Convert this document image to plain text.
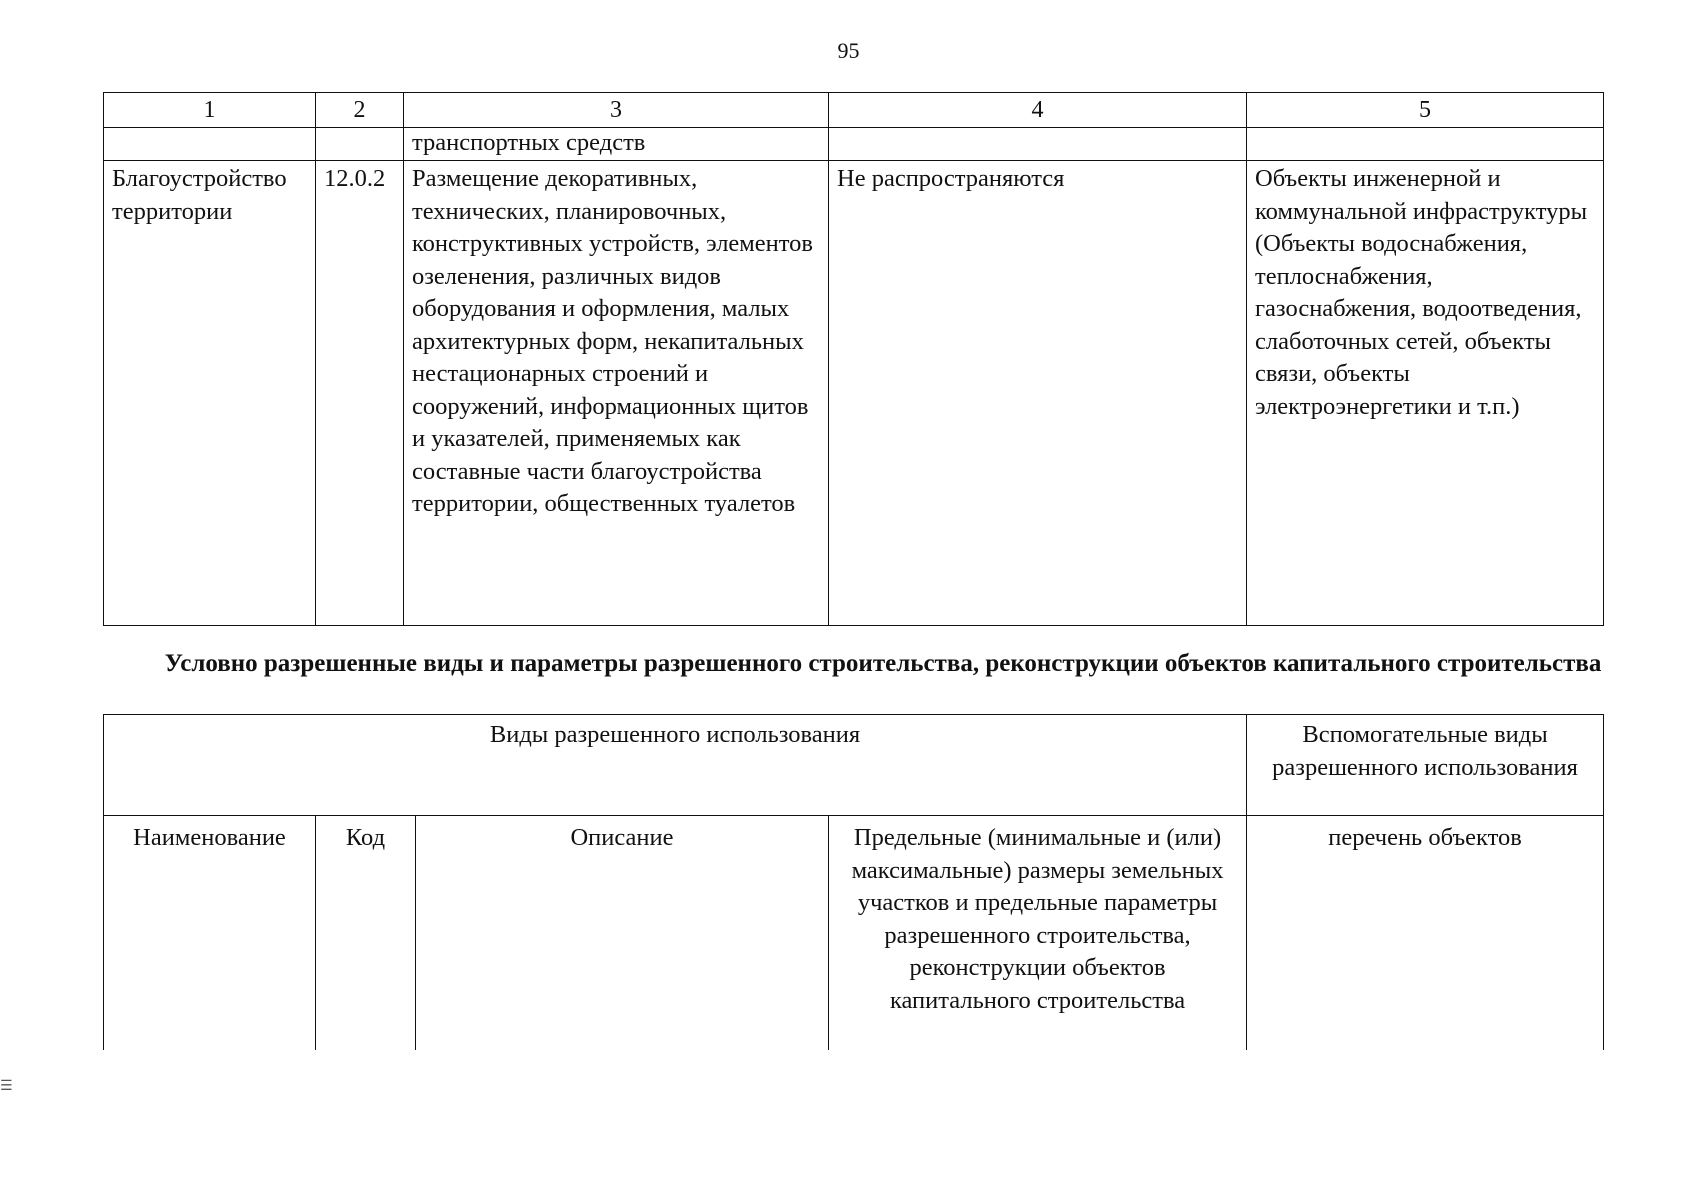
95
1	2	3	4	5
		транспортных средств		
Благоустройство территории	12.0.2	Размещение декоративных, технических, планировочных, конструктивных устройств, элементов озеленения, различных видов оборудования и оформления, малых архитектурных форм, некапитальных нестационарных строений и сооружений, информационных щитов и указателей, применяемых как составные части благоустройства территории, общественных туалетов	Не распространяются	Объекты инженерной и коммунальной инфраструктуры (Объекты водоснабжения, теплоснабжения, газоснабжения, водоотведения, слаботочных сетей, объекты связи, объекты электроэнергетики и т.п.)
Условно разрешенные виды и параметры разрешенного строительства, реконструкции объектов капитального строительства
Виды разрешенного использования				Вспомогательные виды разрешенного использования
Наименование	Код	Описание	Предельные (минимальные и (или) максимальные) размеры земельных участков и предельные параметры разрешенного строительства, реконструкции объектов капитального строительства	перечень объектов
☰
